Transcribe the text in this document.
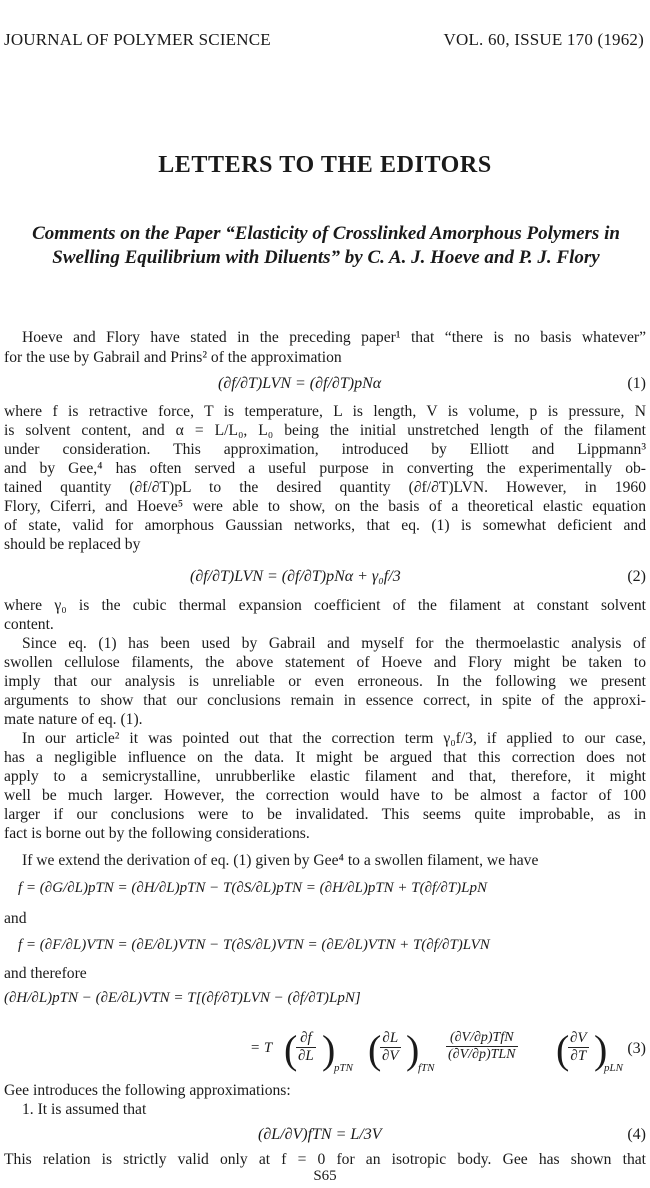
JOURNAL OF POLYMER SCIENCE	VOL. 60, ISSUE 170 (1962)
LETTERS TO THE EDITORS
Comments on the Paper “Elasticity of Crosslinked Amorphous Polymers in Swelling Equilibrium with Diluents” by C. A. J. Hoeve and P. J. Flory
Hoeve and Flory have stated in the preceding paper¹ that “there is no basis whatever”
for the use by Gabrail and Prins² of the approximation
(∂f/∂T)LVN = (∂f/∂T)pNα	(1)
where f is retractive force, T is temperature, L is length, V is volume, p is pressure, N
is solvent content, and α = L/L₀, L₀ being the initial unstretched length of the filament
under consideration. This approximation, introduced by Elliott and Lippmann³
and by Gee,⁴ has often served a useful purpose in converting the experimentally ob-
tained quantity (∂f/∂T)pL to the desired quantity (∂f/∂T)LVN. However, in 1960
Flory, Ciferri, and Hoeve⁵ were able to show, on the basis of a theoretical elastic equation
of state, valid for amorphous Gaussian networks, that eq. (1) is somewhat deficient and
should be replaced by
(∂f/∂T)LVN = (∂f/∂T)pNα + γ₀f/3	(2)
where γ₀ is the cubic thermal expansion coefficient of the filament at constant solvent
content.
Since eq. (1) has been used by Gabrail and myself for the thermoelastic analysis of
swollen cellulose filaments, the above statement of Hoeve and Flory might be taken to
imply that our analysis is unreliable or even erroneous. In the following we present
arguments to show that our conclusions remain in essence correct, in spite of the approxi-
mate nature of eq. (1).
In our article² it was pointed out that the correction term γ₀f/3, if applied to our case,
has a negligible influence on the data. It might be argued that this correction does not
apply to a semicrystalline, unrubberlike elastic filament and that, therefore, it might
well be much larger. However, the correction would have to be almost a factor of 100
larger if our conclusions were to be invalidated. This seems quite improbable, as in
fact is borne out by the following considerations.
If we extend the derivation of eq. (1) given by Gee⁴ to a swollen filament, we have
f = (∂G/∂L)pTN = (∂H/∂L)pTN − T(∂S/∂L)pTN = (∂H/∂L)pTN + T(∂f/∂T)LpN
and
f = (∂F/∂L)VTN = (∂E/∂L)VTN − T(∂S/∂L)VTN = (∂E/∂L)VTN + T(∂f/∂T)LVN
and therefore
(∂H/∂L)pTN − (∂E/∂L)VTN = T[(∂f/∂T)LVN − (∂f/∂T)LpN]
= T (
$\frac{\partial f}{\partial L}$ )
pTN (
$\frac{\partial L}{\partial V}$ )
fTN
(∂V/∂p)TfN
(∂V/∂p)TLN (
$\frac{\partial V}{\partial T}$ )
pLN
(3)
Gee introduces the following approximations:
1. It is assumed that
(∂L/∂V)fTN = L/3V	(4)
This relation is strictly valid only at f = 0 for an isotropic body. Gee has shown that
S65
